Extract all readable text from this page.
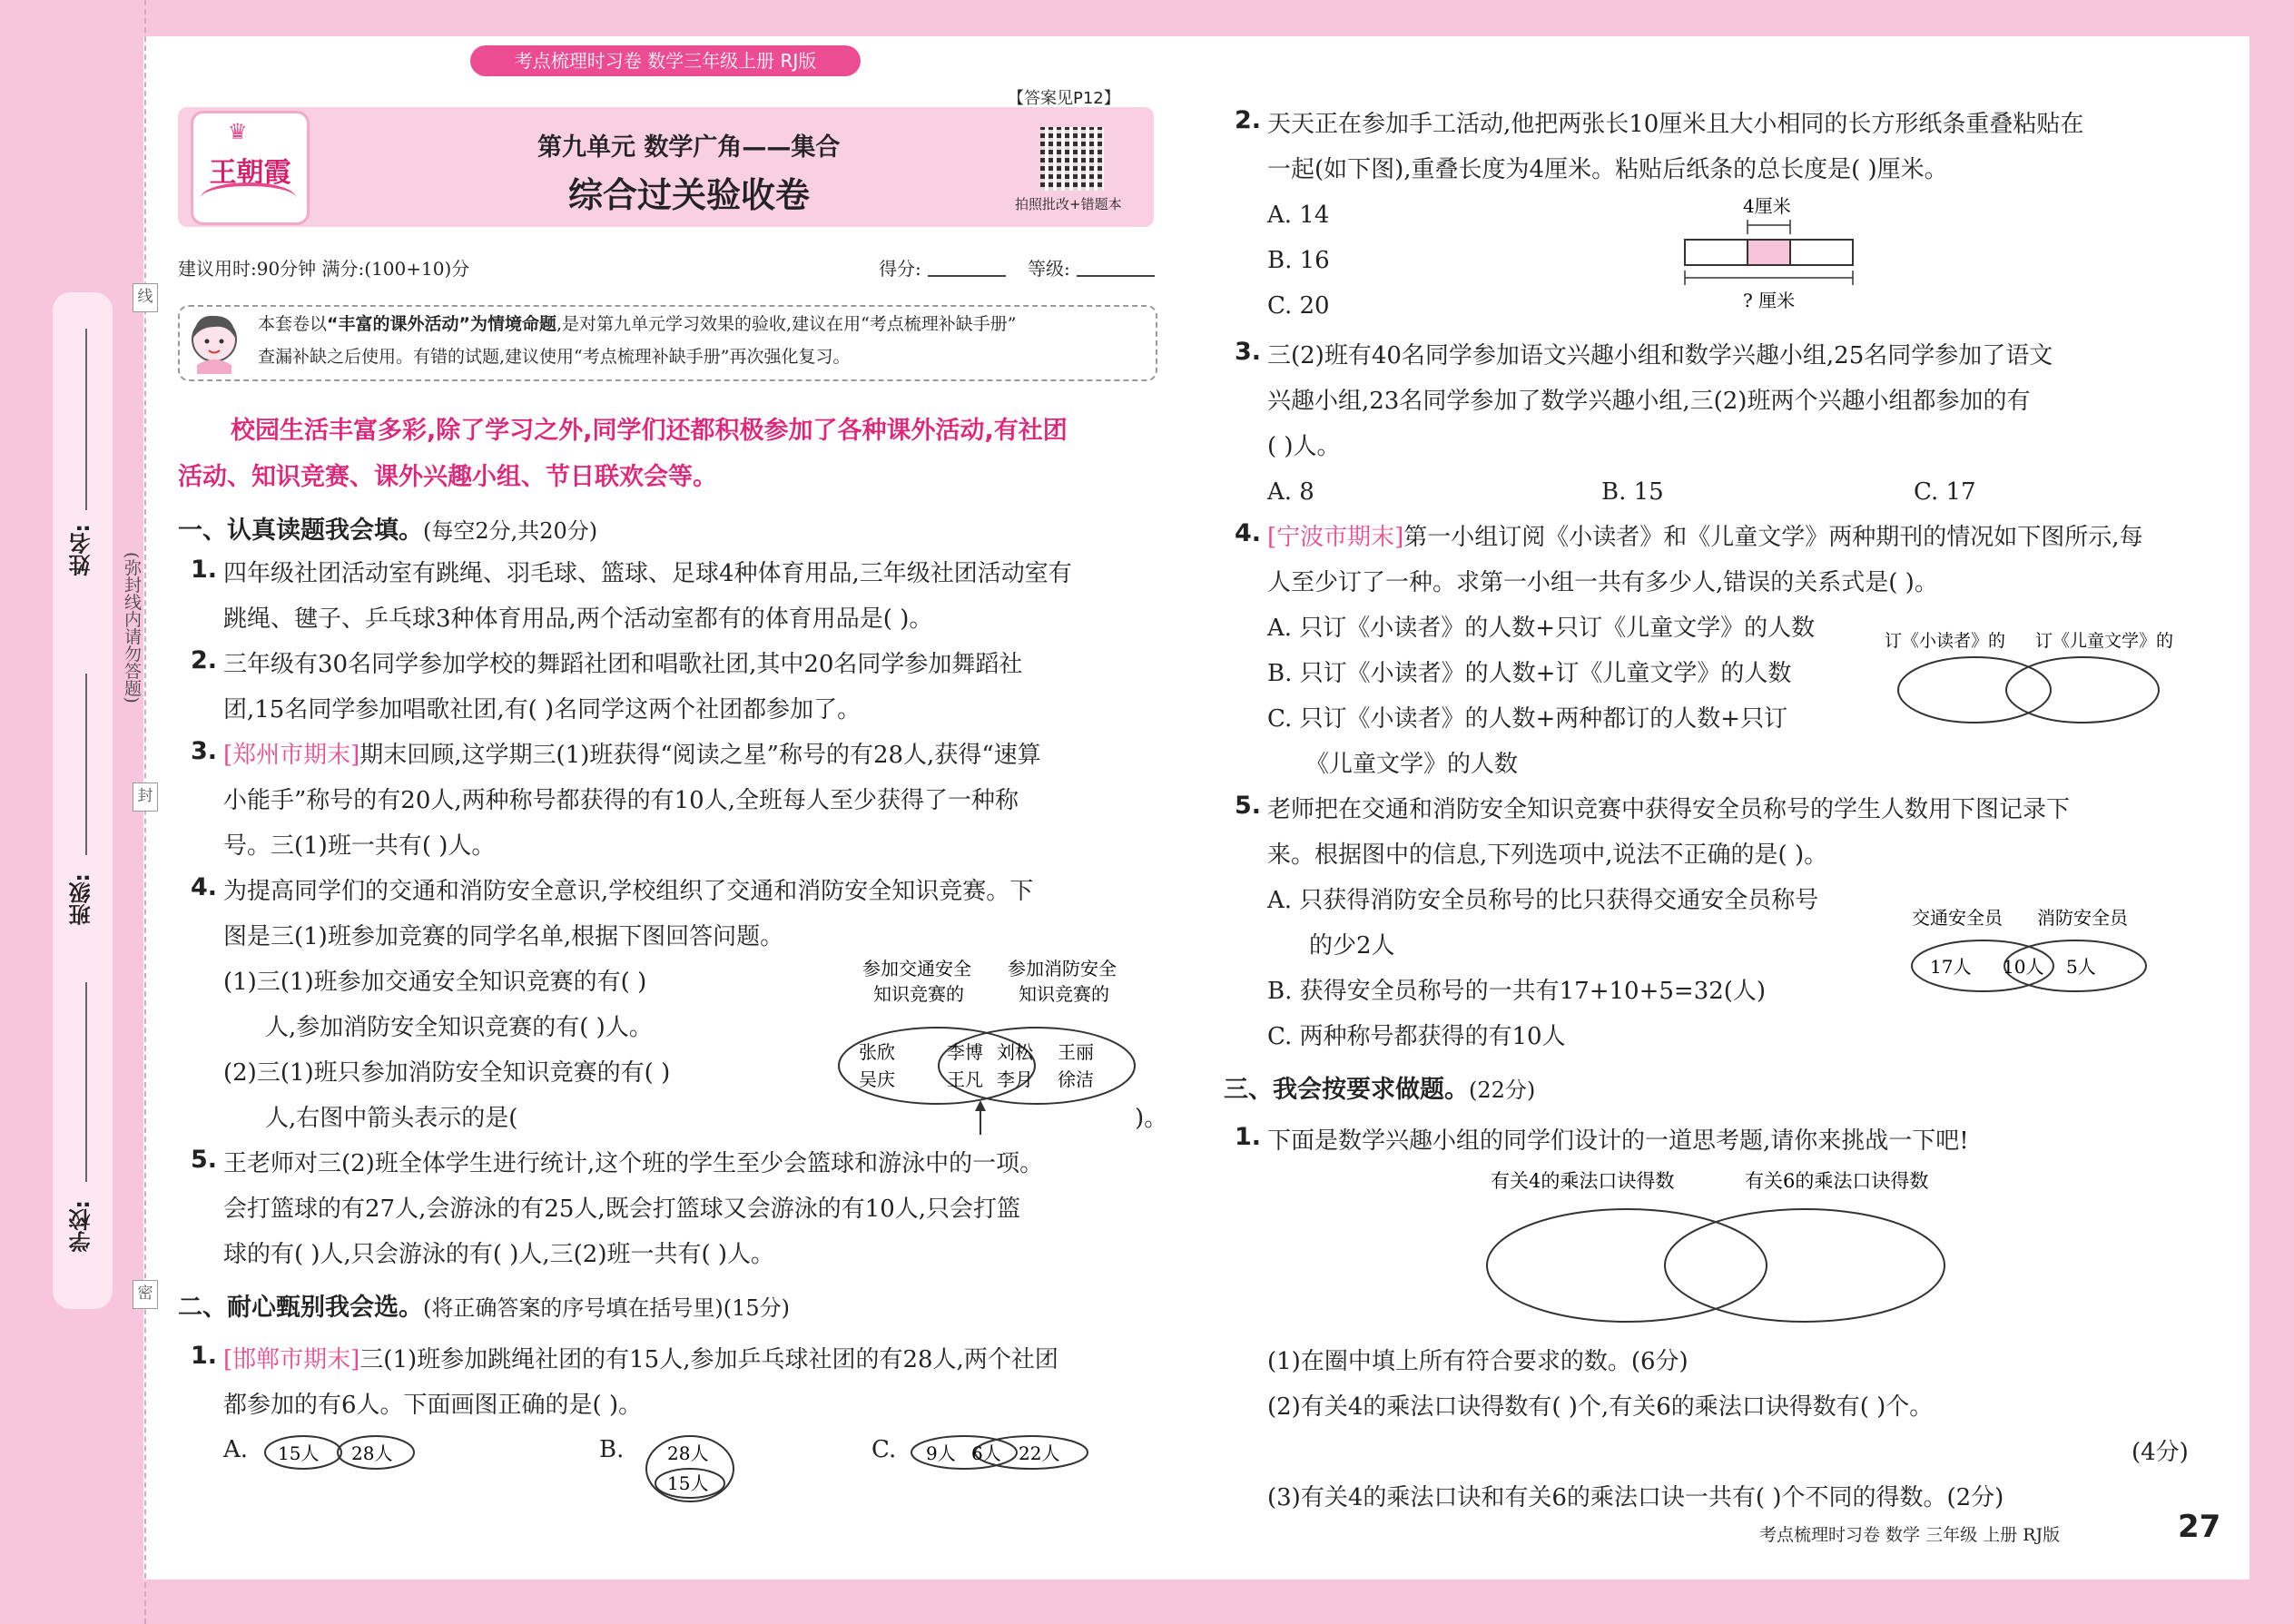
姓名:
班级:
学校:
线
封
密
(弥封线内请勿答题)
考点梳理时习卷 数学三年级上册 RJ版
♛
王朝霞
【答案见P12】
第九单元 数学广角——集合
综合过关验收卷	拍照批改+错题本
建议用时:90分钟 满分:(100+10)分	得分:	等级:
本套卷以“丰富的课外活动”为情境命题,是对第九单元学习效果的验收,建议在用“考点梳理补缺手册”
查漏补缺之后使用。有错的试题,建议使用“考点梳理补缺手册”再次强化复习。
校园生活丰富多彩,除了学习之外,同学们还都积极参加了各种课外活动,有社团
活动、知识竞赛、课外兴趣小组、节日联欢会等。
一、认真读题我会填。(每空2分,共20分)
1. 四年级社团活动室有跳绳、羽毛球、篮球、足球4种体育用品,三年级社团活动室有
跳绳、毽子、乒乓球3种体育用品,两个活动室都有的体育用品是( )。
2. 三年级有30名同学参加学校的舞蹈社团和唱歌社团,其中20名同学参加舞蹈社
团,15名同学参加唱歌社团,有( )名同学这两个社团都参加了。
3. [郑州市期末]期末回顾,这学期三(1)班获得“阅读之星”称号的有28人,获得“速算
小能手”称号的有20人,两种称号都获得的有10人,全班每人至少获得了一种称
号。三(1)班一共有( )人。
4. 为提高同学们的交通和消防安全意识,学校组织了交通和消防安全知识竞赛。下
图是三(1)班参加竞赛的同学名单,根据下图回答问题。
(1)三(1)班参加交通安全知识竞赛的有( )
人,参加消防安全知识竞赛的有( )人。
(2)三(1)班只参加消防安全知识竞赛的有( )
人,右图中箭头表示的是(	)。
参加交通安全
知识竞赛的
参加消防安全
知识竞赛的
张欣
吴庆
李博
王凡
刘松
李月
王丽
徐洁
5. 王老师对三(2)班全体学生进行统计,这个班的学生至少会篮球和游泳中的一项。
会打篮球的有27人,会游泳的有25人,既会打篮球又会游泳的有10人,只会打篮
球的有( )人,只会游泳的有( )人,三(2)班一共有( )人。
二、耐心甄别我会选。(将正确答案的序号填在括号里)(15分)
1. [邯郸市期末]三(1)班参加跳绳社团的有15人,参加乒乓球社团的有28人,两个社团
都参加的有6人。下面画图正确的是( )。
A. 15人 28人	B. 28人
15人
C. 9人 6人 22人
2. 天天正在参加手工活动,他把两张长10厘米且大小相同的长方形纸条重叠粘贴在
一起(如下图),重叠长度为4厘米。粘贴后纸条的总长度是( )厘米。
A. 14
B. 16
C. 20
4厘米
? 厘米
3. 三(2)班有40名同学参加语文兴趣小组和数学兴趣小组,25名同学参加了语文
兴趣小组,23名同学参加了数学兴趣小组,三(2)班两个兴趣小组都参加的有
( )人。
A. 8	B. 15	C. 17
4. [宁波市期末]第一小组订阅《小读者》和《儿童文学》两种期刊的情况如下图所示,每
人至少订了一种。求第一小组一共有多少人,错误的关系式是( )。
A. 只订《小读者》的人数+只订《儿童文学》的人数
B. 只订《小读者》的人数+订《儿童文学》的人数
C. 只订《小读者》的人数+两种都订的人数+只订
《儿童文学》的人数
订《小读者》的 订《儿童文学》的
5. 老师把在交通和消防安全知识竞赛中获得安全员称号的学生人数用下图记录下
来。根据图中的信息,下列选项中,说法不正确的是( )。
A. 只获得消防安全员称号的比只获得交通安全员称号
的少2人
B. 获得安全员称号的一共有17+10+5=32(人)
C. 两种称号都获得的有10人
交通安全员 消防安全员
17人 10人 5人
三、我会按要求做题。(22分)
1. 下面是数学兴趣小组的同学们设计的一道思考题,请你来挑战一下吧!
有关4的乘法口诀得数	有关6的乘法口诀得数
(1)在圈中填上所有符合要求的数。(6分)
(2)有关4的乘法口诀得数有( )个,有关6的乘法口诀得数有( )个。
(4分)
(3)有关4的乘法口诀和有关6的乘法口诀一共有( )个不同的得数。(2分)
考点梳理时习卷 数学 三年级 上册 RJ版	27
